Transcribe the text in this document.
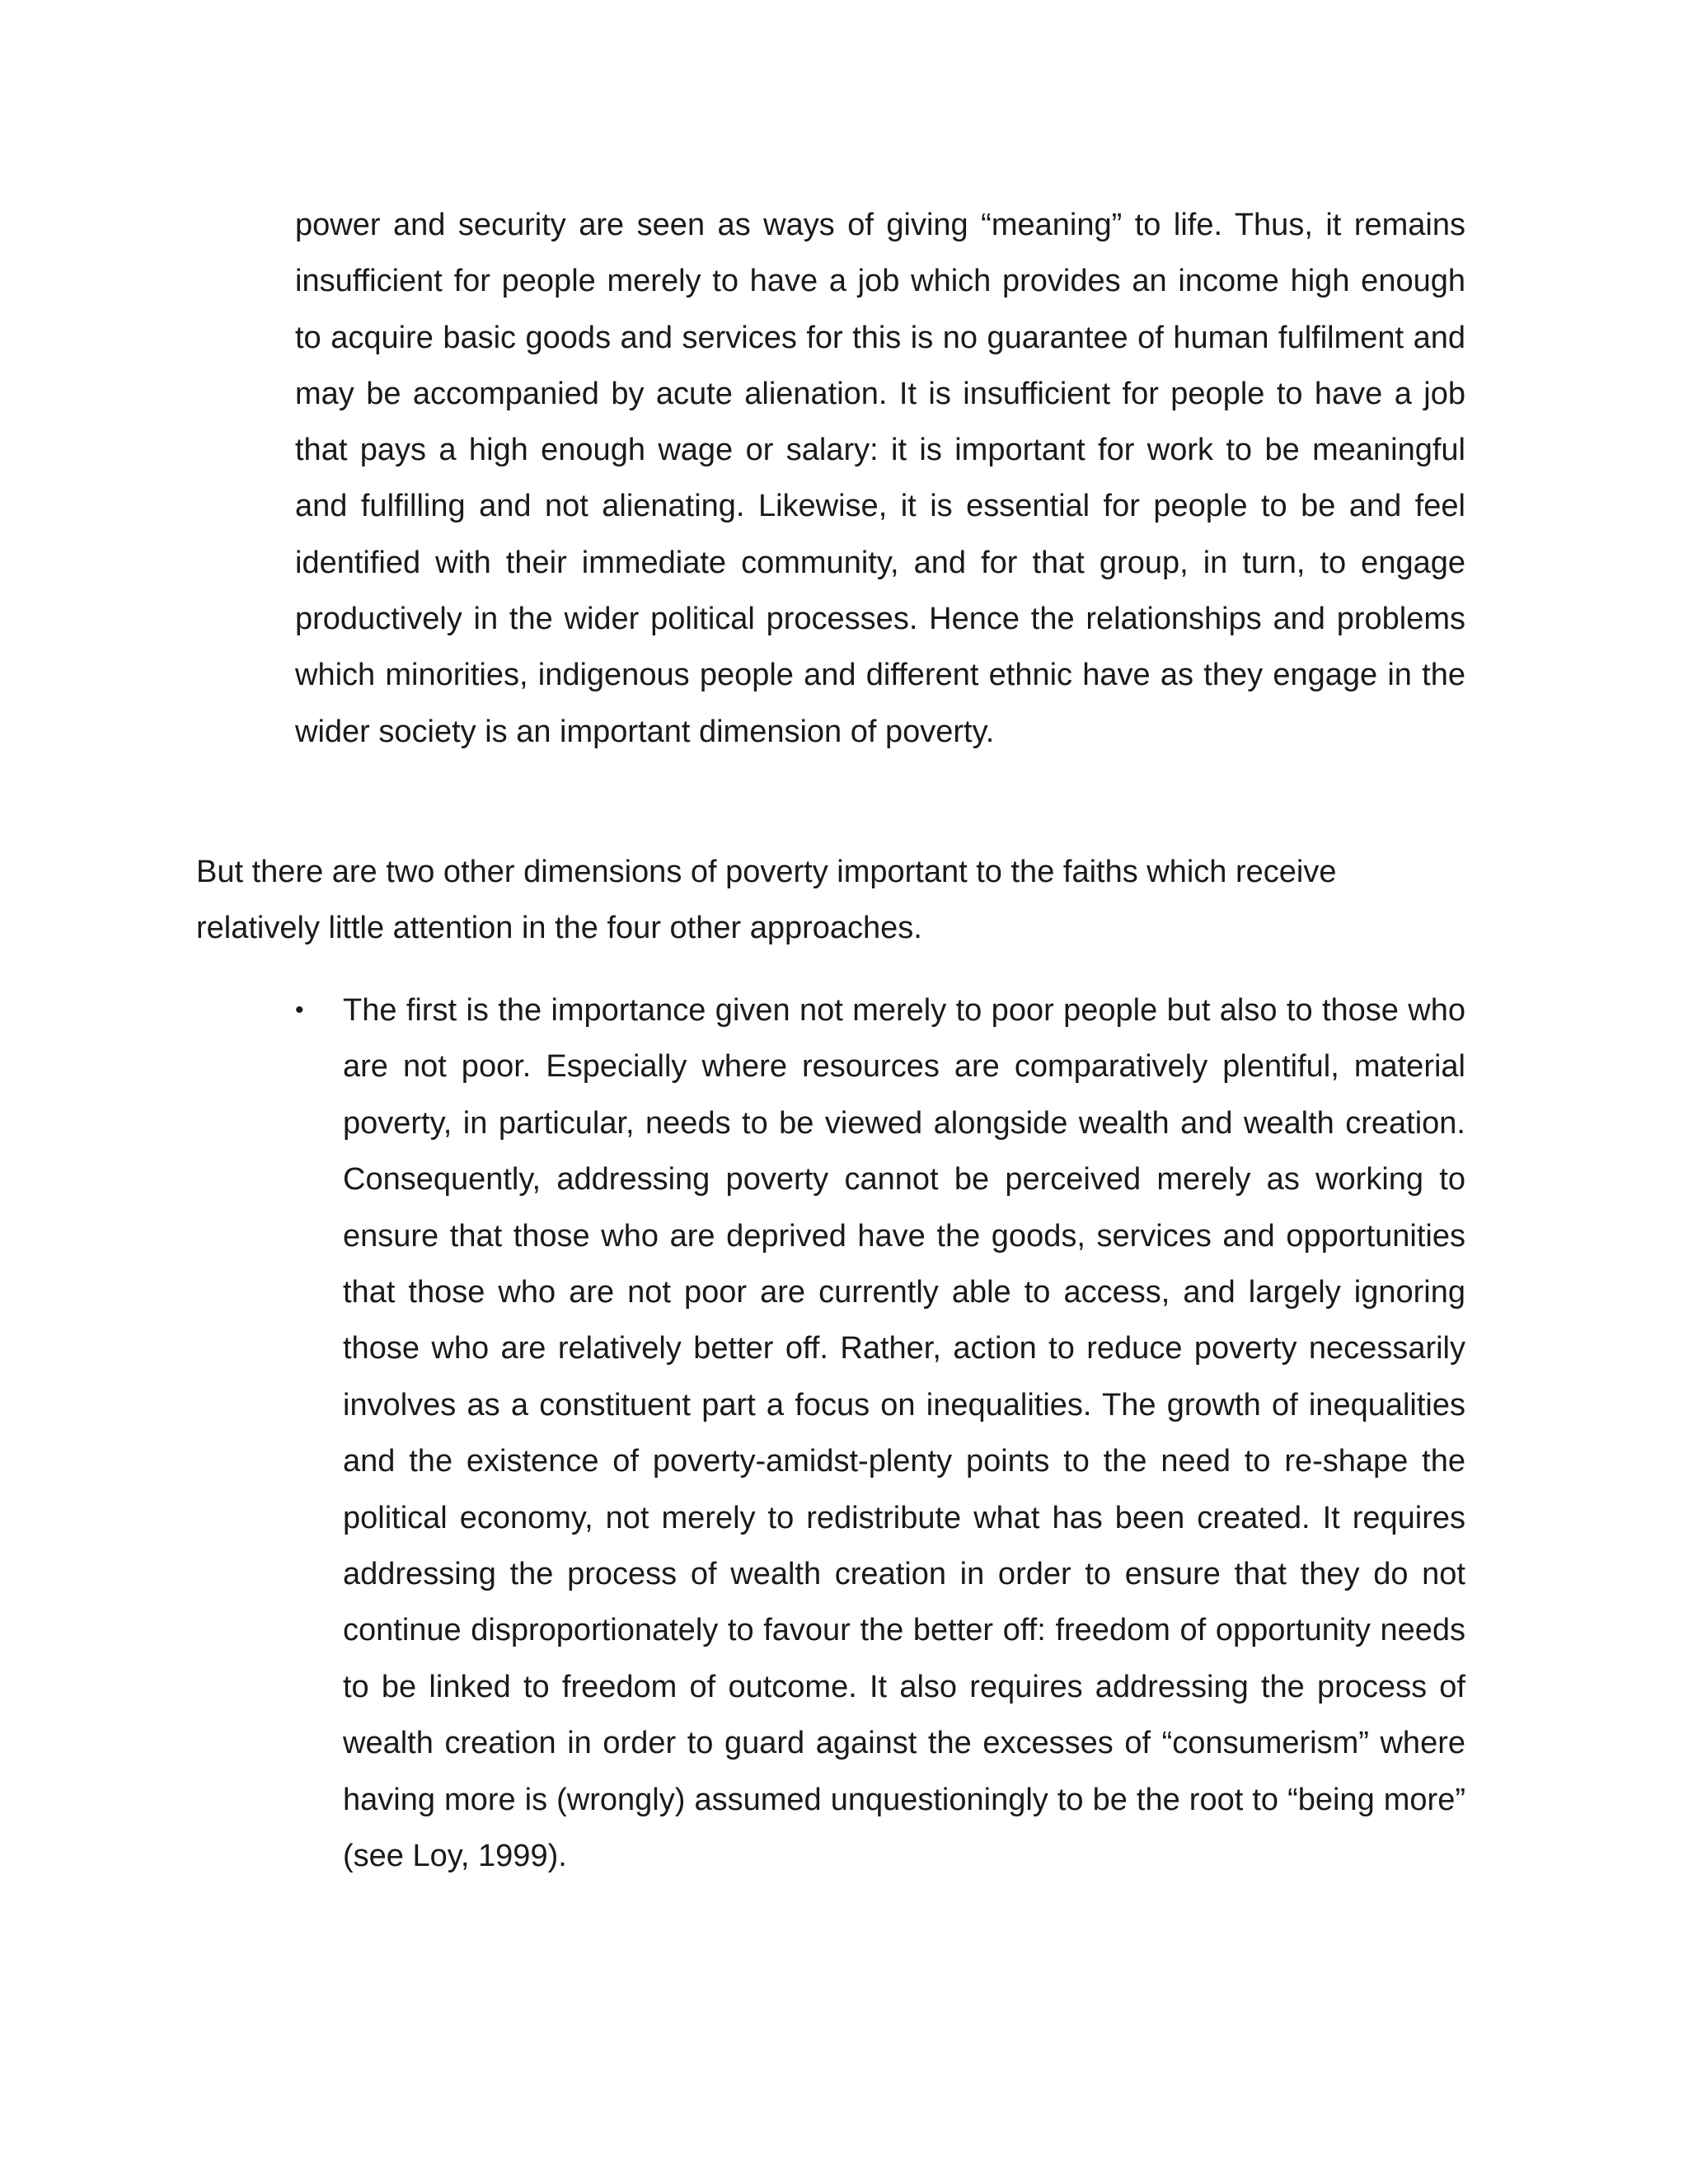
power and security are seen as ways of giving “meaning” to life. Thus, it remains insufficient for people merely to have a job which provides an income high enough to acquire basic goods and services for this is no guarantee of human fulfilment and may be accompanied by acute alienation. It is insufficient for people to have a job that pays a high enough wage or salary: it is important for work to be meaningful and fulfilling and not alienating. Likewise, it is essential for people to be and feel identified with their immediate community, and for that group, in turn, to engage productively in the wider political processes. Hence the relationships and problems which minorities, indigenous people and different ethnic have as they engage in the wider society is an important dimension of poverty.

But there are two other dimensions of poverty important to the faiths which receive relatively little attention in the four other approaches.

•	The first is the importance given not merely to poor people but also to those who are not poor. Especially where resources are comparatively plentiful, material poverty, in particular, needs to be viewed alongside wealth and wealth creation. Consequently, addressing poverty cannot be perceived merely as working to ensure that those who are deprived have the goods, services and opportunities that those who are not poor are currently able to access, and largely ignoring those who are relatively better off. Rather, action to reduce poverty necessarily involves as a constituent part a focus on inequalities. The growth of inequalities and the existence of poverty-amidst-plenty points to the need to re-shape the political economy, not merely to redistribute what has been created. It requires addressing the process of wealth creation in order to ensure that they do not continue disproportionately to favour the better off: freedom of opportunity needs to be linked to freedom of outcome. It also requires addressing the process of wealth creation in order to guard against the excesses of “consumerism” where having more is (wrongly) assumed unquestioningly to be the root to “being more” (see Loy, 1999).
